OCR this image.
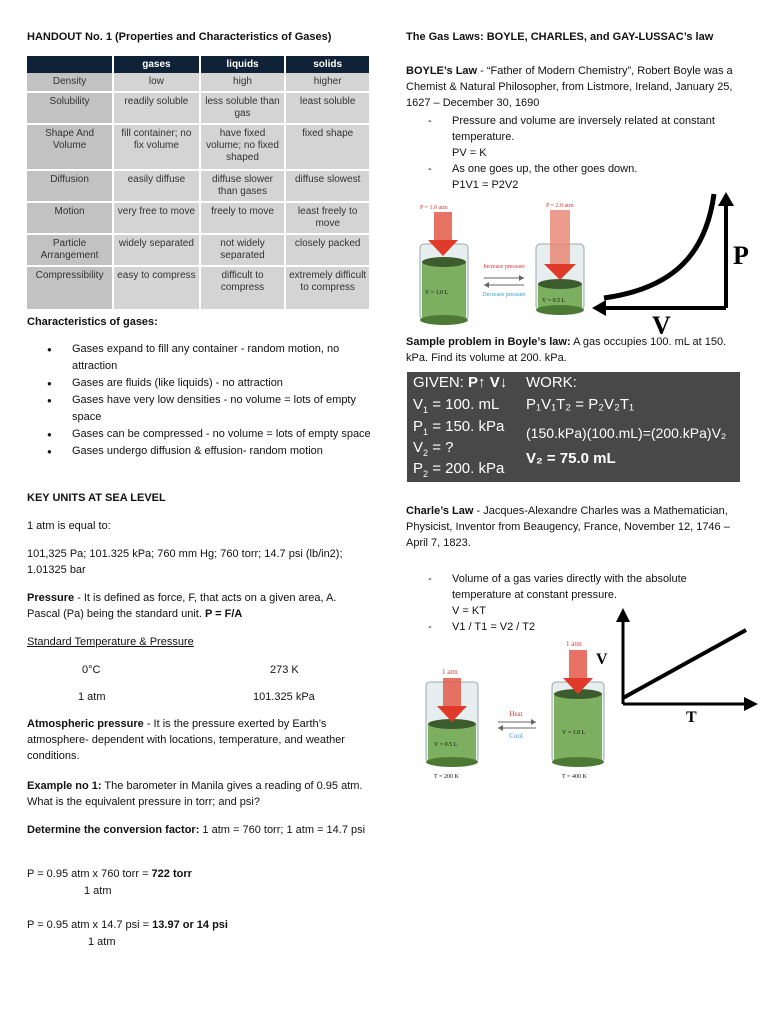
HANDOUT No. 1 (Properties and Characteristics of Gases)

	gases	liquids	solids
Density	low	high	higher
Solubility	readily soluble	less soluble than gas	least soluble
Shape And Volume	fill container; no fix volume	have fixed volume; no fixed shaped	fixed shape
Diffusion	easily diffuse	diffuse slower than gases	diffuse slowest
Motion	very free to move	freely to move	least freely to move
Particle Arrangement	widely separated	not widely separated	closely packed
Compressibility	easy to compress	difficult to compress	extremely difficult to compress

Characteristics of gases:

● Gases expand to fill any container - random motion, no attraction
● Gases are fluids (like liquids) - no attraction
● Gases have very low densities - no volume = lots of empty space
● Gases can be compressed - no volume = lots of empty space
● Gases undergo diffusion & effusion- random motion

KEY UNITS AT SEA LEVEL

1 atm is equal to:

101,325 Pa; 101.325 kPa; 760 mm Hg; 760 torr; 14.7 psi (lb/in2); 1.01325 bar

Pressure - It is defined as force, F, that acts on a given area, A. Pascal (Pa) being the standard unit. P = F/A

Standard Temperature & Pressure

0°C	273 K

1 atm	101.325 kPa

Atmospheric pressure - It is the pressure exerted by Earth’s atmosphere- dependent with locations, temperature, and weather conditions.

Example no 1: The barometer in Manila gives a reading of 0.95 atm. What is the equivalent pressure in torr; and psi?

Determine the conversion factor: 1 atm = 760 torr; 1 atm = 14.7 psi

P = 0.95 atm x 760 torr = 722 torr

1 atm

P = 0.95 atm x 14.7 psi = 13.97 or 14 psi

1 atm

The Gas Laws: BOYLE, CHARLES, and GAY-LUSSAC’s law

BOYLE’s Law - “Father of Modern Chemistry”, Robert Boyle was a Chemist & Natural Philosopher, from Listmore, Ireland, January 25, 1627 – December 30, 1690

- Pressure and volume are inversely related at constant temperature.
PV = K
- As one goes up, the other goes down.
P1V1 = P2V2
V = 1.0 L
P = 1.0 atm
Increase pressure
Decrease pressure
V = 0.5 L
P = 2.0 atm
P
V

Sample problem in Boyle’s law: A gas occupies 100. mL at 150. kPa. Find its volume at 200. kPa.

GIVEN: P↑ V↓
$V_1 = 100$. mL
$P_1 = 150$. kPa
$V_2$ = ?
$P_2 = 200$. kPa
WORK:
P₁V₁T₂ = P₂V₂T₁
(150.kPa)(100.mL)=(200.kPa)V₂
V₂ = 75.0 mL

Charle’s Law - Jacques-Alexandre Charles was a Mathematician, Physicist, Inventor from Beaugency, France, November 12, 1746 – April 7, 1823.

- Volume of a gas varies directly with the absolute temperature at constant pressure.
V = KT
- V1 / T1 = V2 / T2
V = 0.5 L
1 atm
T = 200 K
Heat
Cool	V = 1.0 L
1 atm
T = 400 K
V
T
